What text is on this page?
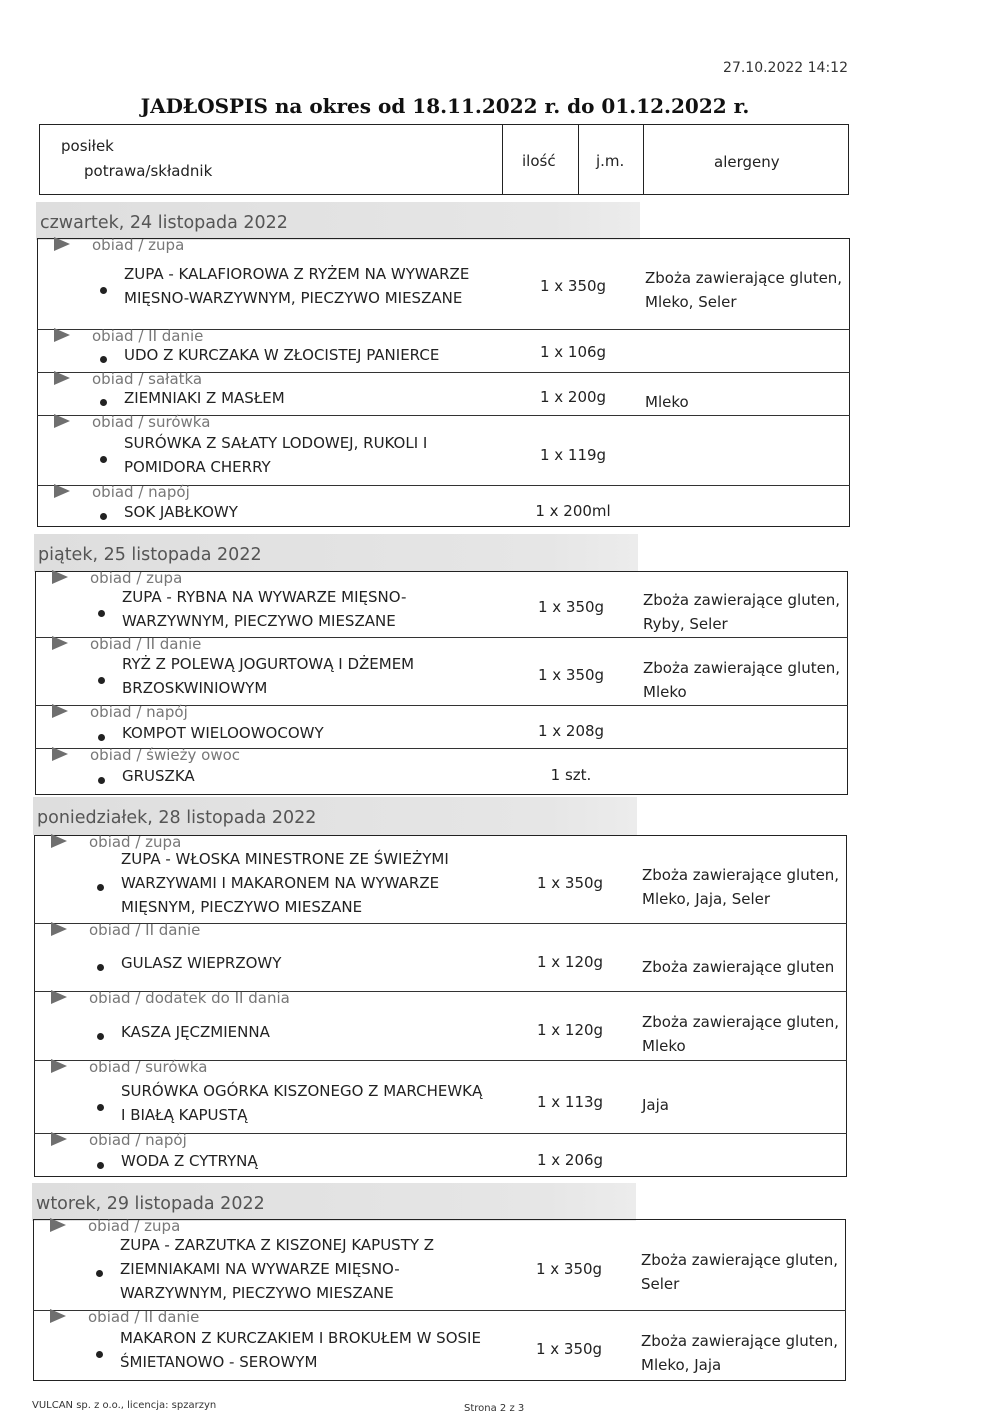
27.10.2022 14:12
JADŁOSPIS na okres od 18.11.2022 r. do 01.12.2022 r.
posiłek
potrawa/składnik
ilość	j.m.	alergeny
czwartek, 24 listopada 2022
obiad / zupa
ZUPA - KALAFIOROWA Z RYŻEM NA WYWARZE
MIĘSNO-WARZYWNYM, PIECZYWO MIESZANE
1 x 350g	Zboża zawierające gluten,
Mleko, Seler
obiad / II danie
UDO Z KURCZAKA W ZŁOCISTEJ PANIERCE	1 x 106g
obiad / sałatka
ZIEMNIAKI Z MASŁEM	1 x 200g	Mleko
obiad / surówka
SURÓWKA Z SAŁATY LODOWEJ, RUKOLI I
POMIDORA CHERRY
1 x 119g
obiad / napój
SOK JABŁKOWY	1 x 200ml
piątek, 25 listopada 2022
obiad / zupa
ZUPA - RYBNA NA WYWARZE MIĘSNO-
WARZYWNYM, PIECZYWO MIESZANE
1 x 350g	Zboża zawierające gluten,
Ryby, Seler
obiad / II danie
RYŻ Z POLEWĄ JOGURTOWĄ I DŻEMEM
BRZOSKWINIOWYM
1 x 350g	Zboża zawierające gluten,
Mleko
obiad / napój
KOMPOT WIELOOWOCOWY	1 x 208g
obiad / świeży owoc
GRUSZKA	1 szt.
poniedziałek, 28 listopada 2022
obiad / zupa
ZUPA - WŁOSKA MINESTRONE ZE ŚWIEŻYMI
WARZYWAMI I MAKARONEM NA WYWARZE
MIĘSNYM, PIECZYWO MIESZANE
1 x 350g	Zboża zawierające gluten,
Mleko, Jaja, Seler
obiad / II danie
GULASZ WIEPRZOWY	1 x 120g	Zboża zawierające gluten
obiad / dodatek do II dania
KASZA JĘCZMIENNA	1 x 120g	Zboża zawierające gluten,
Mleko
obiad / surówka
SURÓWKA OGÓRKA KISZONEGO Z MARCHEWKĄ
I BIAŁĄ KAPUSTĄ
1 x 113g	Jaja
obiad / napój
WODA Z CYTRYNĄ	1 x 206g
wtorek, 29 listopada 2022
obiad / zupa
ZUPA - ZARZUTKA Z KISZONEJ KAPUSTY Z
ZIEMNIAKAMI NA WYWARZE MIĘSNO-
WARZYWNYM, PIECZYWO MIESZANE
1 x 350g	Zboża zawierające gluten,
Seler
obiad / II danie
MAKARON Z KURCZAKIEM I BROKUŁEM W SOSIE
ŚMIETANOWO - SEROWYM
1 x 350g	Zboża zawierające gluten,
Mleko, Jaja
VULCAN sp. z o.o., licencja: spzarzyn	Strona 2 z 3
